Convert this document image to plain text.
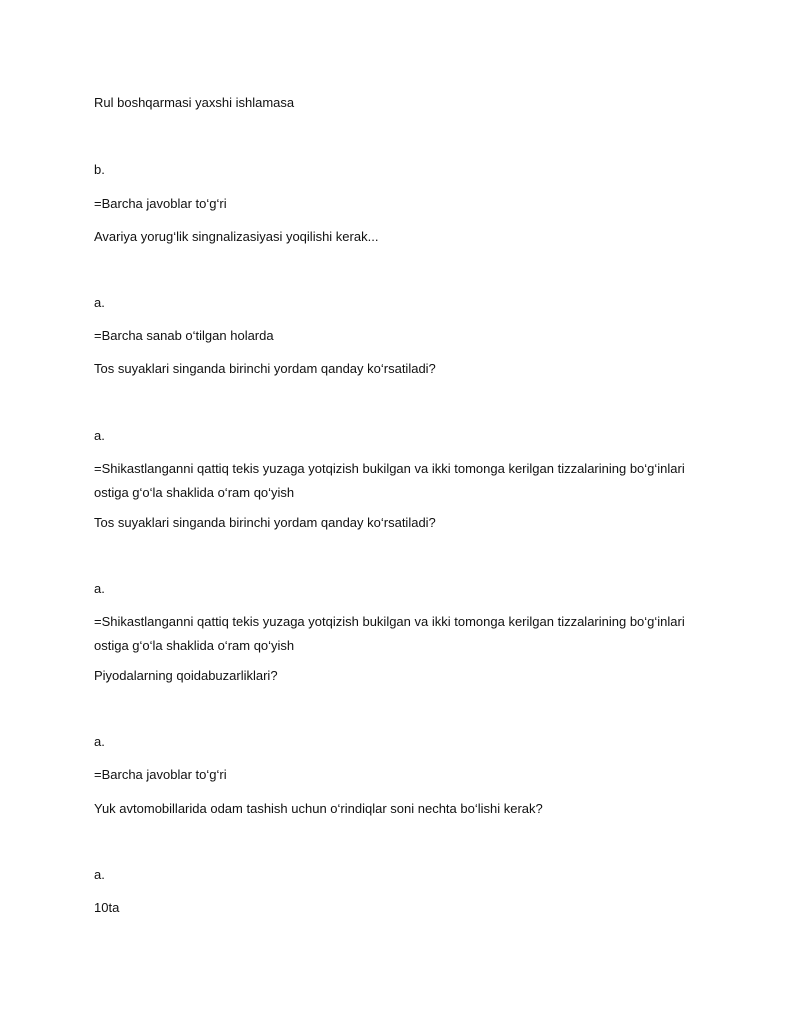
Rul boshqarmasi yaxshi ishlamasa
b.
=Barcha javoblar to‘g‘ri
Avariya yorug‘lik singnalizasiyasi yoqilishi kerak...
a.
=Barcha sanab o‘tilgan holarda
Tos suyaklari singanda birinchi yordam qanday ko‘rsatiladi?
a.
=Shikastlanganni qattiq tekis yuzaga yotqizish bukilgan va ikki tomonga kerilgan tizzalarining bo‘g‘inlari ostiga g‘o‘la shaklida o‘ram qo‘yish
Tos suyaklari singanda birinchi yordam qanday ko‘rsatiladi?
a.
=Shikastlanganni qattiq tekis yuzaga yotqizish bukilgan va ikki tomonga kerilgan tizzalarining bo‘g‘inlari ostiga g‘o‘la shaklida o‘ram qo‘yish
Piyodalarning qoidabuzarliklari?
a.
=Barcha javoblar to‘g‘ri
Yuk avtomobillarida odam tashish uchun o‘rindiqlar soni nechta bo‘lishi kerak?
a.
10ta
